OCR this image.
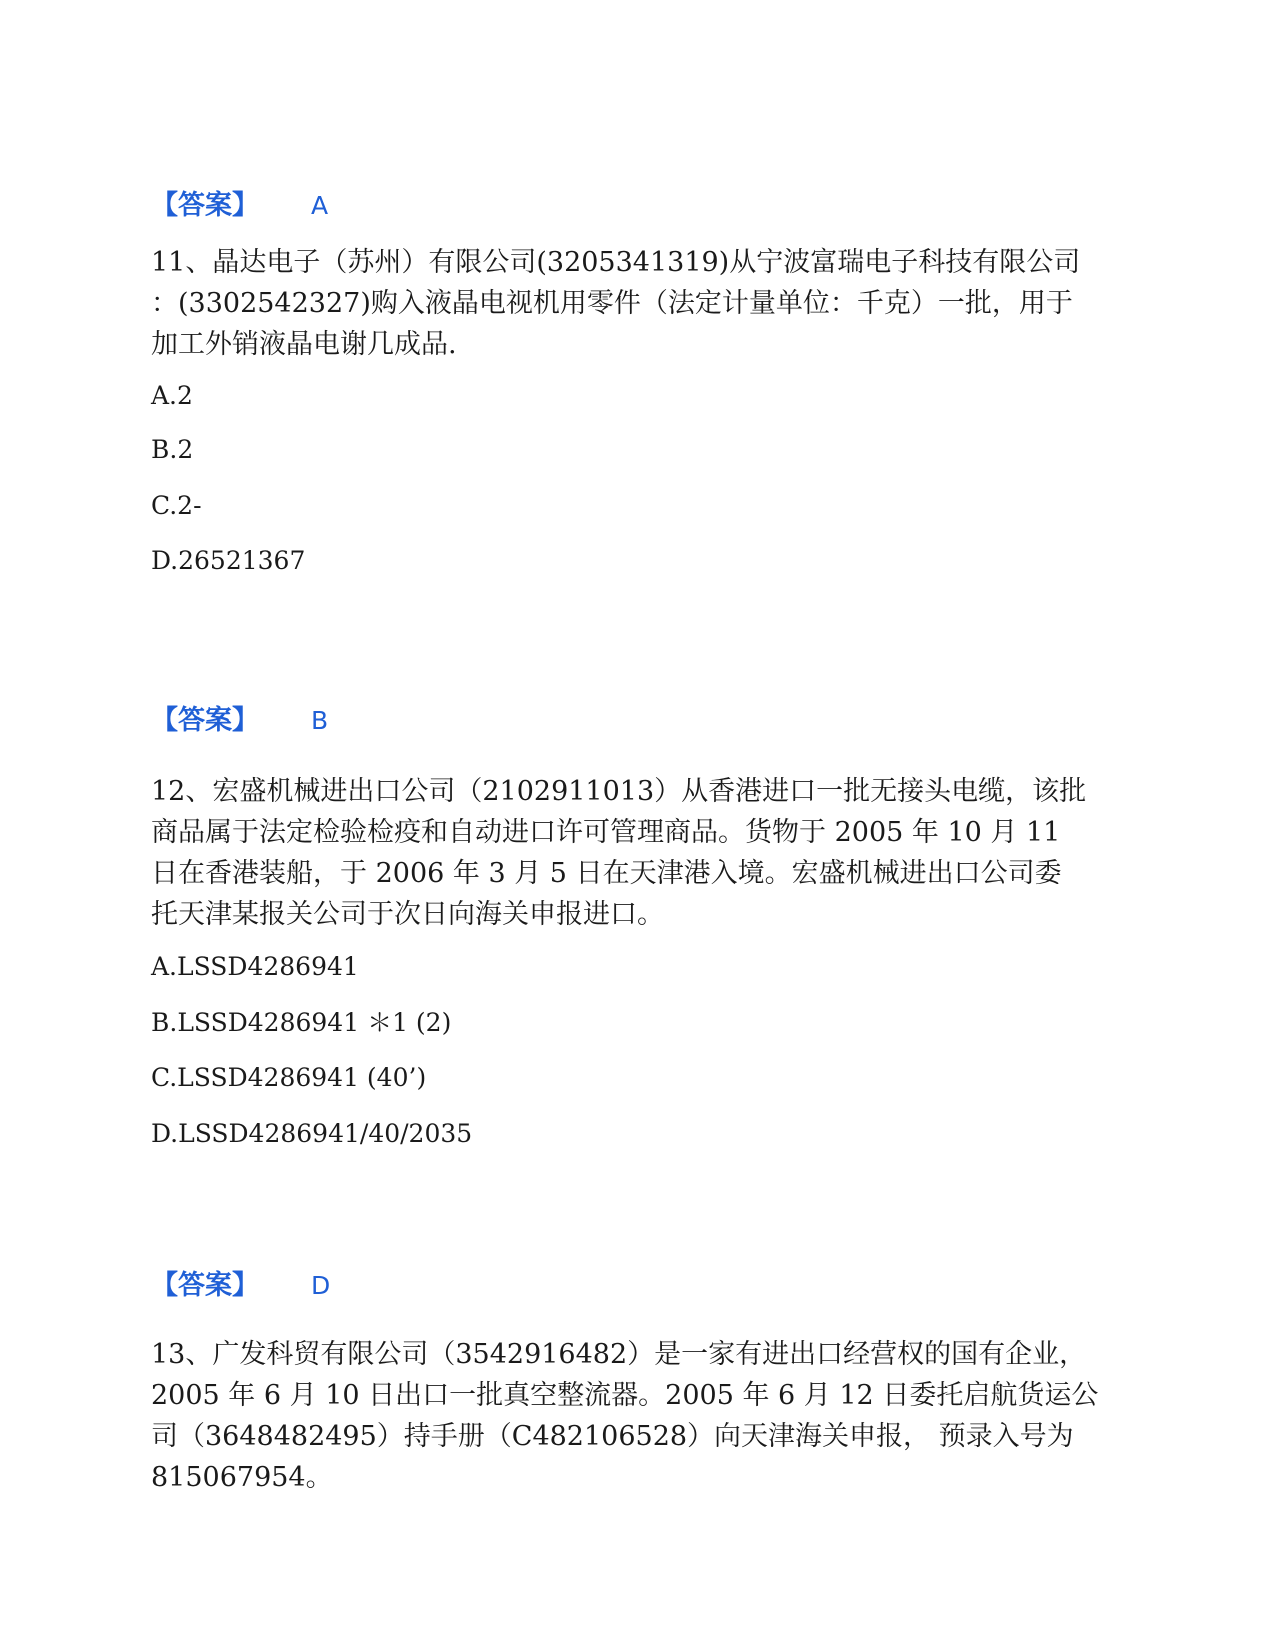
【答案】 A

11、晶达电子（苏州）有限公司(3205341319)从宁波富瑞电子科技有限公司

：(3302542327)购入液晶电视机用零件（法定计量单位：千克）一批，用于

加工外销液晶电谢几成品.

A.2
B.2
C.2-
D.26521367
【答案】 B

12、宏盛机械进出口公司（2102911013）从香港进口一批无接头电缆，该批

商品属于法定检验检疫和自动进口许可管理商品。货物于 2005 年 10 月 11

日在香港装船，于 2006 年 3 月 5 日在天津港入境。宏盛机械进出口公司委

托天津某报关公司于次日向海关申报进口。

A.LSSD4286941
B.LSSD4286941 ＊1 (2)
C.LSSD4286941 (40’)
D.LSSD4286941/40/2035
【答案】 D

13、广发科贸有限公司（3542916482）是一家有进出口经营权的国有企业，

2005 年 6 月 10 日出口一批真空整流器。2005 年 6 月 12 日委托启航货运公

司（3648482495）持手册（C482106528）向天津海关申报， 预录入号为

815067954。
